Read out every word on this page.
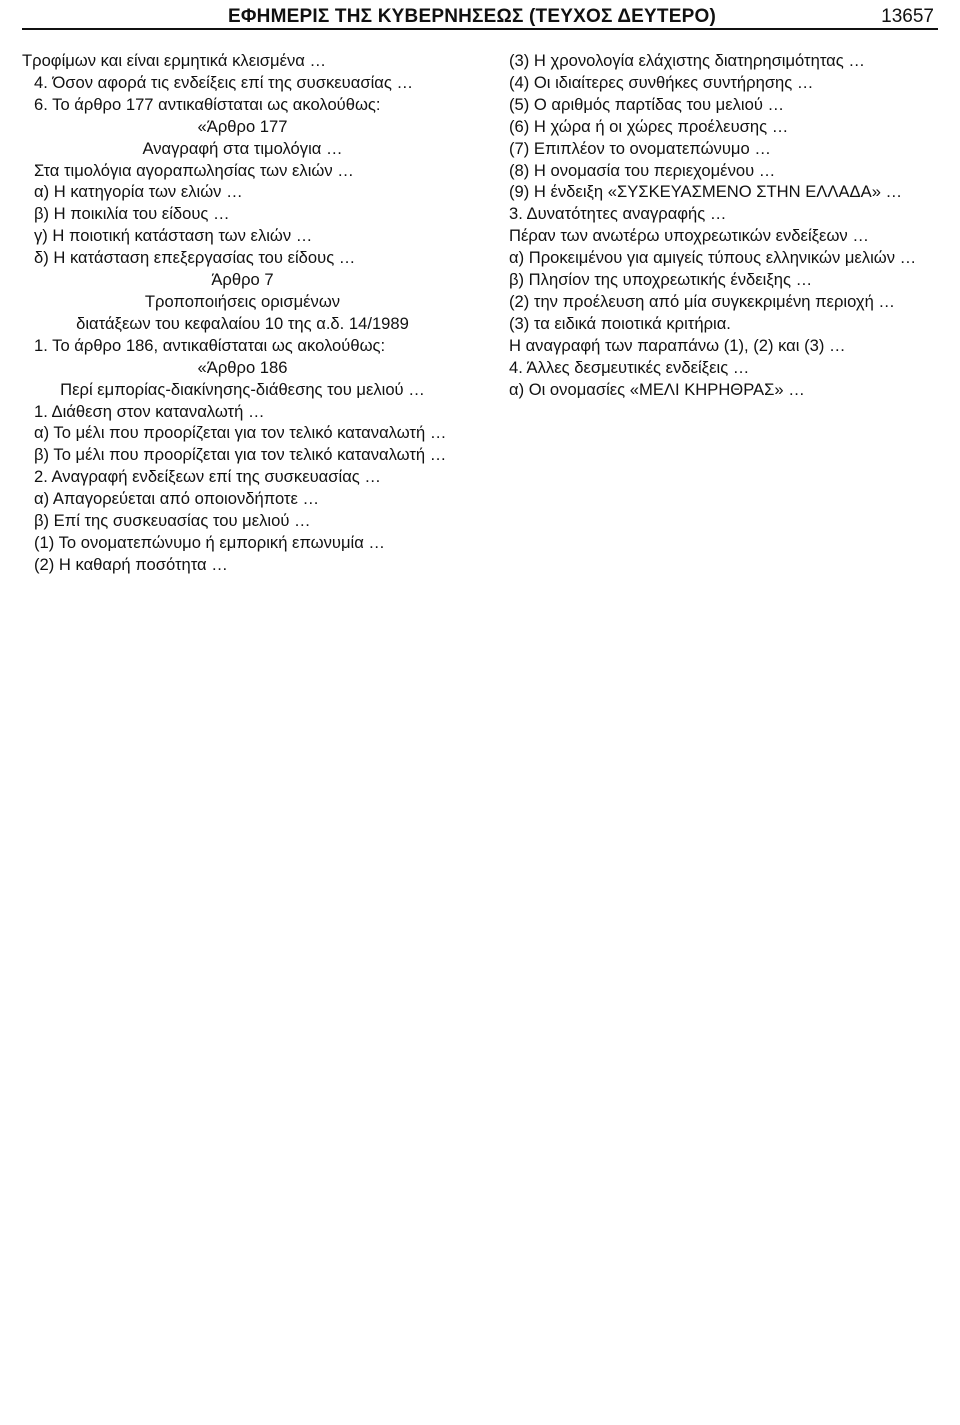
ΕΦΗΜΕΡΙΣ ΤΗΣ ΚΥΒΕΡΝΗΣΕΩΣ (ΤΕΥΧΟΣ ΔΕΥΤΕΡΟ)	13657

Τροφίμων και είναι ερμητικά κλεισμένα …

4. Όσον αφορά τις ενδείξεις επί της συσκευασίας …

6. Το άρθρο 177 αντικαθίσταται ως ακολούθως:

«Άρθρο 177

Αναγραφή στα τιμολόγια …

Στα τιμολόγια αγοραπωλησίας των ελιών …

α) Η κατηγορία των ελιών …

β) Η ποικιλία του είδους …

γ) Η ποιοτική κατάσταση των ελιών …

δ) Η κατάσταση επεξεργασίας του είδους …

Άρθρο 7

Τροποποιήσεις ορισμένων

διατάξεων του κεφαλαίου 10 της α.δ. 14/1989

1. Το άρθρο 186, αντικαθίσταται ως ακολούθως:

«Άρθρο 186

Περί εμπορίας-διακίνησης-διάθεσης του μελιού …

1. Διάθεση στον καταναλωτή …

α) Το μέλι που προορίζεται για τον τελικό καταναλωτή …

β) Το μέλι που προορίζεται για τον τελικό καταναλωτή …

2. Αναγραφή ενδείξεων επί της συσκευασίας …

α) Απαγορεύεται από οποιονδήποτε …

β) Επί της συσκευασίας του μελιού …

(1) Το ονοματεπώνυμο ή εμπορική επωνυμία …

(2) Η καθαρή ποσότητα …

(3) Η χρονολογία ελάχιστης διατηρησιμότητας …

(4) Οι ιδιαίτερες συνθήκες συντήρησης …

(5) Ο αριθμός παρτίδας του μελιού …

(6) Η χώρα ή οι χώρες προέλευσης …

(7) Επιπλέον το ονοματεπώνυμο …

(8) Η ονομασία του περιεχομένου …

(9) Η ένδειξη «ΣΥΣΚΕΥΑΣΜΕΝΟ ΣΤΗΝ ΕΛΛΑΔΑ» …

3. Δυνατότητες αναγραφής …

Πέραν των ανωτέρω υποχρεωτικών ενδείξεων …

α) Προκειμένου για αμιγείς τύπους ελληνικών μελιών …

β) Πλησίον της υποχρεωτικής ένδειξης …

(2) την προέλευση από μία συγκεκριμένη περιοχή …

(3) τα ειδικά ποιοτικά κριτήρια.

Η αναγραφή των παραπάνω (1), (2) και (3) …

4. Άλλες δεσμευτικές ενδείξεις …

α) Οι ονομασίες «ΜΕΛΙ ΚΗΡΗΘΡΑΣ» …
